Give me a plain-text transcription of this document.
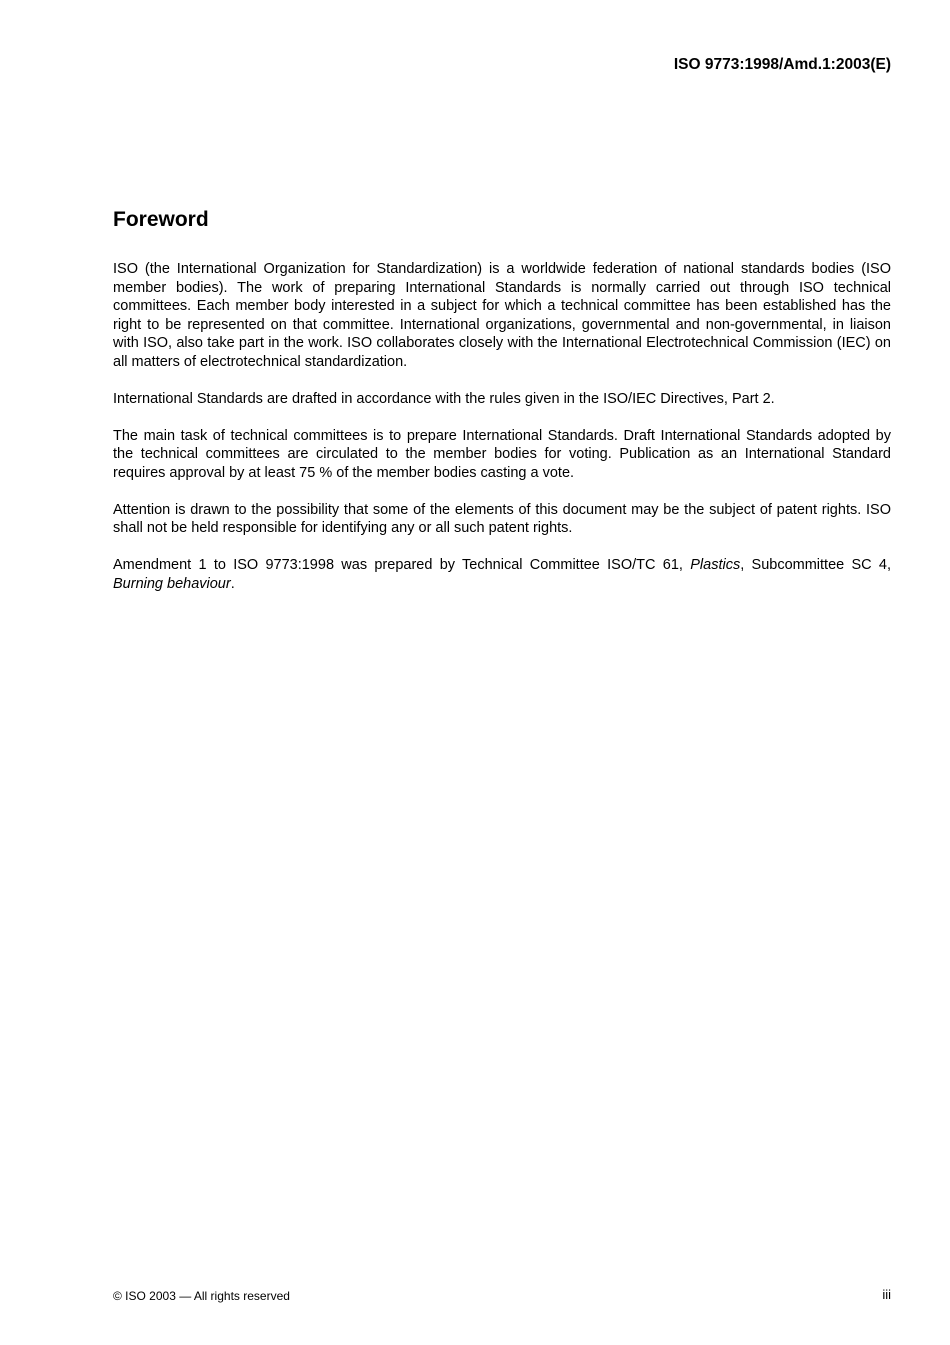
ISO 9773:1998/Amd.1:2003(E)
Foreword

ISO (the International Organization for Standardization) is a worldwide federation of national standards bodies (ISO member bodies). The work of preparing International Standards is normally carried out through ISO technical committees. Each member body interested in a subject for which a technical committee has been established has the right to be represented on that committee. International organizations, governmental and non-governmental, in liaison with ISO, also take part in the work. ISO collaborates closely with the International Electrotechnical Commission (IEC) on all matters of electrotechnical standardization.

International Standards are drafted in accordance with the rules given in the ISO/IEC Directives, Part 2.

The main task of technical committees is to prepare International Standards. Draft International Standards adopted by the technical committees are circulated to the member bodies for voting. Publication as an International Standard requires approval by at least 75 % of the member bodies casting a vote.

Attention is drawn to the possibility that some of the elements of this document may be the subject of patent rights. ISO shall not be held responsible for identifying any or all such patent rights.

Amendment 1 to ISO 9773:1998 was prepared by Technical Committee ISO/TC 61, Plastics, Subcommittee SC 4, Burning behaviour.

© ISO 2003 — All rights reserved	iii
